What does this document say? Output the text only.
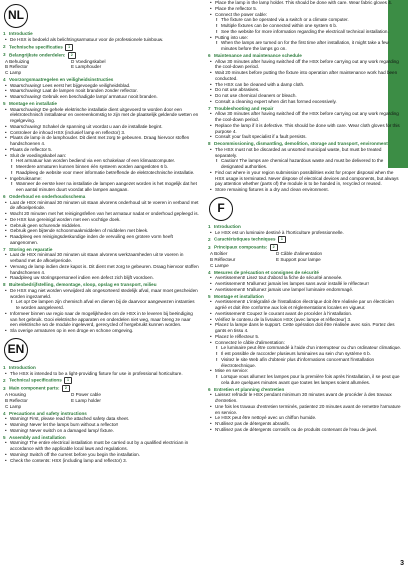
NL
1 Introductie
• De HSX is bedoeld als belichtingsarmatuur voor de professionele tuinbouw.
2 Technische specificaties 1
3 Belangrijkste onderdelen: 2
A Behuizing	D Voedingskabel
B Reflector	E Lamphouder
C Lamp
4 Voorzorgsmaatregelen en veiligheidsinstructies
• Waarschuwing! Lees eerst het bijgevoegde veiligheidsblad.
• Waarschuwing! Laat de lampen nooit branden zonder reflector.
• Waarschuwing! Gebruik een beschadigde lamp/ armatuur nooit branden.
5 Montage en installatie
• Waarschuwing! De gehele elektrische installatie dient uitgevoerd te worden door een elektrotechnisch installateur en overeenkomstig te zijn met de plaatselijk geldende wetten en regelgeving.
• Waarschuwing! Schakel de spanning uit voordat u aan de installatie begint.
• Controleer de inhoud HSX (inclusief lamp en reflector) 3.
• Plaats de lamp in de lamphouder. Dit dient met zorg te gebeuren. Draag hiervoor stoffen handschoenen 4.
• Plaats de reflector 5.
• Sluit de voedingskabel aan:
! Het armatuur kan worden bediend via een schakelaar of een klimaatcomputer.
! Meerdere armaturen kunnen binnen één systeem worden aangesloten 6 b.
! Raadpleeg de website voor meer informatie betreffende de elektrotechnische installatie.
• Ingebruikname:
! Wanneer de eerste keer na installatie de lampen aangezet worden is het mogelijk dat het een aantal minuten duurt voordat alle lampen aangaan.
6 Onderhoud en onderhoudsschema
• Laat de HSX minimaal 30 minuten uit staan alvorens onderhoud uit te voeren in verband met de afkoelperiode.
• Wacht 20 minuten met het reinigingsfellen van het armatuur nadat er onderhoud gepleegd is.
• De HSX kan gereinigd worden met een vochtige doek.
• Gebruik geen schurende middelen.
• Gebruik geen bijtende schoonmaakmiddelen of middelen met bleek.
• Raadpleeg een reinigingsdeskundige inden de vervuiling een grotere vorm heeft aangenomen.
7 Storing en reparatie
• Laat de HSX minimaal 30 minuten uit staan alvorens werkzaamheden uit te voeren in verband met de afkoelperiode.
• Vervang de lamp indien deze kapot is. Dit dient met zorg te gebeuren. Draag hiervoor stoffen handschoenen 4.
• Raadpleeg uw storingspersoneel indien een defect zich blijft voordoen.
8 Buitenbedrijfstelling, demontage, sloop, opslag en transport, milieu
• De HSX mag niet worden verwijderd als ongesorteerd stedelijk afval, maar moet gescheiden worden ingezameld.
! Let op! De lampen zijn chemisch afval en dienen bij de daarvoor aangewezen instanties te worden aangeleverd.
• Informeer binnen uw regio naar de mogelijkheden om de HSX in te leveren bij beëindiging van het gebruik. Gooi elektrische apparaten en onderdelen niet weg, maar breng ze naar een elektrische wo de module ingeleverd, gerecycled of hergebruikt kunnen worden.
• Sla overige armaturen op in een droge en schone omgeving.
EN
1 Introduction
• The HSX is intended to be a light-providing fixture for use in professional horticulture.
2 Technical specifications 1
3 Main component parts: 2
A Housing	D Power cable
B Reflector	E Lamp holder
C Lamp
4 Precautions and safety instructions
• Warning! First, please read the attached safety data sheet.
• Warning! Never let the lamps burn without a reflector!
• Warning! Never switch on a damaged lamp/ fixture.
5 Assembly and installation
• Warning! The entire electrical installation must be carried out by a qualified electrician in accordance with the applicable local laws and regulations.
• Warning! Switch off the current before you begin the installation.
• Check the contents: HSX (including lamp and reflector) 3.
• Place the lamp in the lamp holder. This should be done with care. Wear fabric gloves 4.
• Place the reflector 5.
• Connect the power cable:
! The fixture can be operated via a switch or a climate computer.
! Multiple fixtures can be connected within one system 6 b.
! See the website for more information regarding the electrical/ technical installation.
• Putting into use:
! When the lamps are turned on for the first time after installation, it might take a few minutes before the lamps go on.
6 Maintenance and maintenance schedule
• Allow 30 minutes after having switched off the HSX before carrying out any work regarding the cool-down period.
• Wait 20 minutes before putting the fixture into operation after maintenance work had been conducted.
• The HSX can be cleaned with a damp cloth.
• Do not use abrasives.
• Do not use chemical cleaners or bleach.
• Consult a cleaning expert when dirt has formed excessively.
7 Troubleshooting and repair
• Allow 30 minutes after having switched off the HSX before carrying out any work regarding the cool-down period.
• Replace the lamp if it is defective. This should be done with care. Wear cloth gloves for this purpose 4.
• Consult your fault specialist if a fault persists.
8 Decommissioning, dismantling, demolition, storage and transport, environment
• The HSX must not be discarded as unsorted municipal waste, but must be treated separately.
! Caution! The lamps are chemical hazardous waste and must be delivered to the designated authorities.
• Find out where in your region submission possibilities exist for proper disposal when the HSX usage is terminated. Never dispose of electrical devices and components, but always pay attention whether (parts of) the module is to be handed in, recycled or reused.
• Store remaining fixtures in a dry and clean environment.
F
1 Introduction
• Le HSX est un luminaire destiné à l'horticulture professionnelle.
2 Caractéristiques techniques 1
3 Principaux composants: 2
A Boîtier	D Câble d'alimentation
B Réflecteur	E Support pour lampe
C Lampe
4 Mesures de précaution et consignes de sécurité
• Avertissement! Lisez tout d'abord la fiche de sécurité annexée.
• Avertissement! N'allumez jamais les lampes sans avoir installé le réflecteur!
• Avertissement! N'allumez jamais une lampe/ luminaire endommagé.
5 Montage et installation
• Avertissement! L'intégralité de l'installation électrique doit être réalisée par un électricien agréé et doit être conforme aux lois et réglementations locales en vigueur.
• Avertissement! Coupez le courant avant de procéder à l'installation.
• Vérifiez le contenu de la livraison HSX (avec lampe et réflecteur) 3.
• Placez la lampe dans le support. Cette opération doit être réalisée avec soin. Portez des gants en tissu 4.
• Placez le réflecteur 5.
• Connectez le câble d'alimentation:
! Le luminaire peut être commandé à l'aide d'un interrupteur ou d'un ordinateur climatique.
! Il est possible de raccorder plusieurs luminaires au sein d'un système 6 b.
! Visitez le site Web afin d'obtenir plus d'informations concernant l'installation électrotechnique.
• Mise en service:
! Lorsque vous allumez les lampes pour la première fois après l'installation, il se peut que cela dure quelques minutes avant que toutes les lampes soient allumées.
6 Entretien et planning d'entretien
• Laissez refroidir le HSX pendant minimum 30 minutes avant de procéder à des travaux d'entretien.
• Une fois les travaux d'entretien terminés, patientez 20 minutes avant de remettre l'armature en service.
• Le HSX peut être nettoyé avec un chiffon humide.
• N'utilisez pas de détergents abrasifs.
• N'utilisez pas de détergents corrosifs ou de produits contenant de l'eau de javel.
3
